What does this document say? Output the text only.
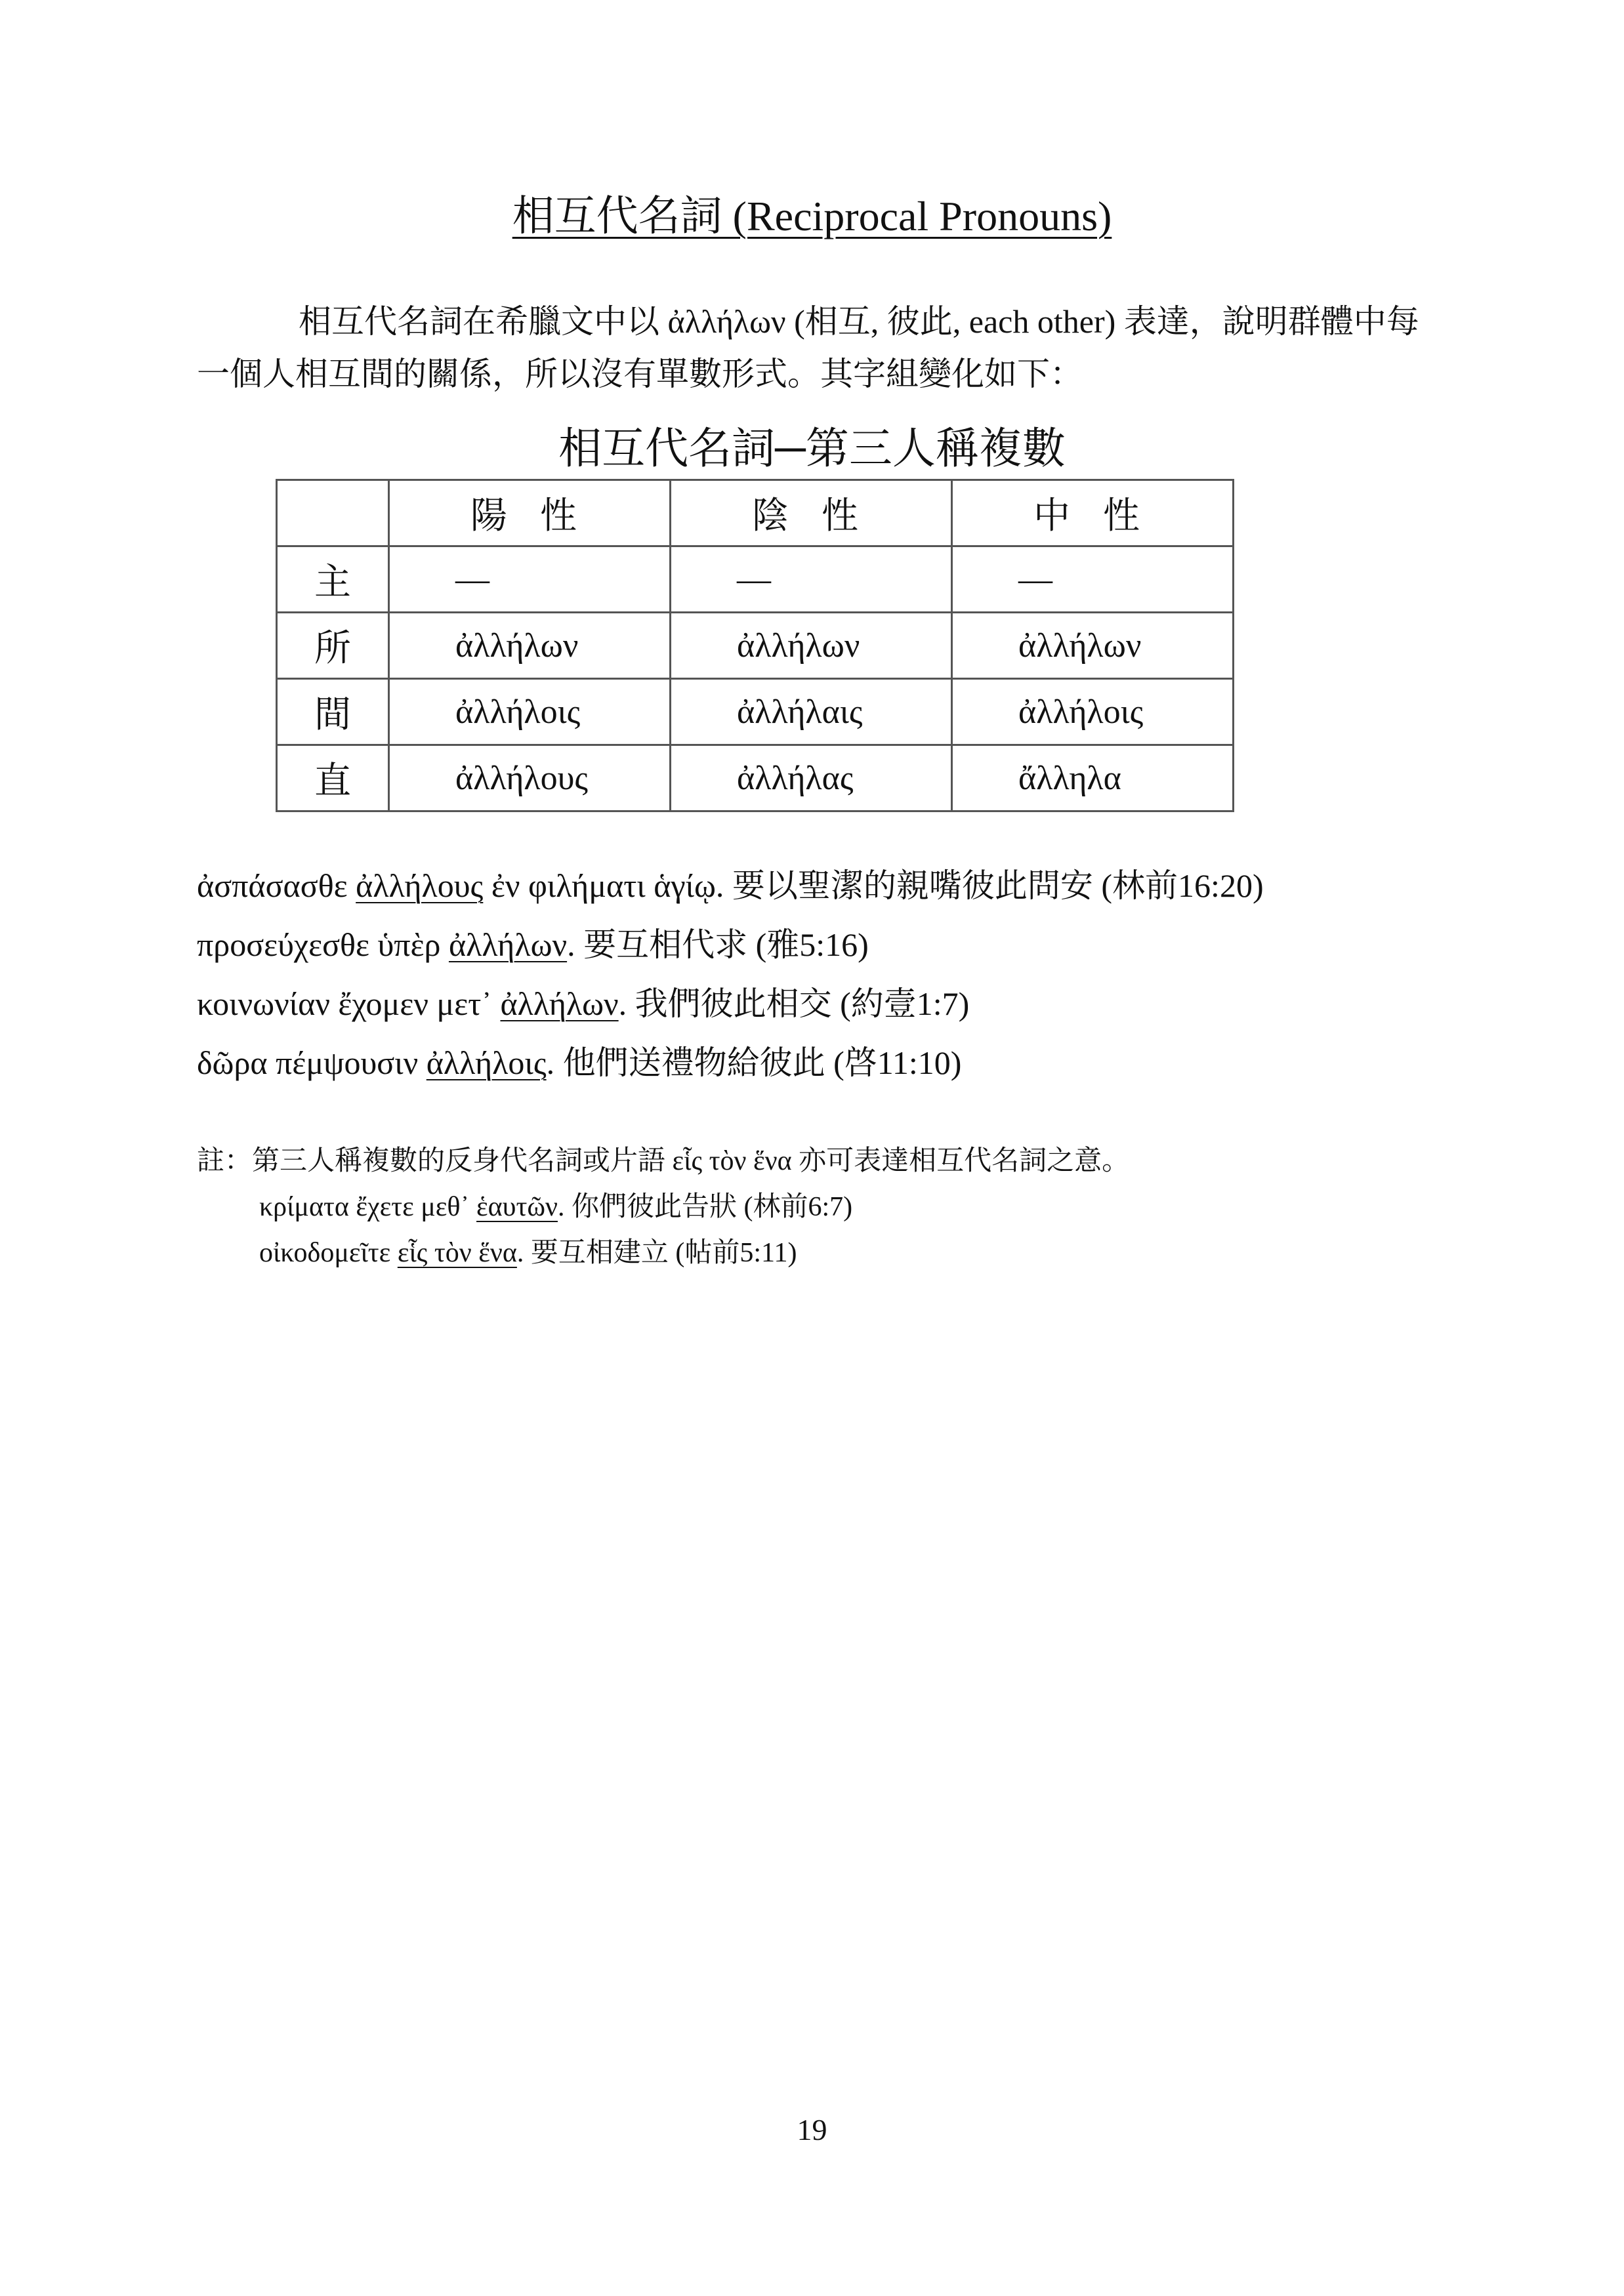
相互代名詞 (Reciprocal Pronouns)
相互代名詞在希臘文中以 ἀλλήλων (相互, 彼此, each other) 表達，說明群體中每一個人相互間的關係，所以沒有單數形式。其字組變化如下：
相互代名詞─第三人稱複數
	陽 性	陰 性	中 性
主	—	—	—
所	ἀλλήλων	ἀλλήλων	ἀλλήλων
間	ἀλλήλοις	ἀλλήλαις	ἀλλήλοις
直	ἀλλήλους	ἀλλήλας	ἄλληλα
ἀσπάσασθε ἀλλήλους ἐν φιλήματι ἁγίῳ. 要以聖潔的親嘴彼此問安 (林前16:20)
προσεύχεσθε ὑπὲρ ἀλλήλων. 要互相代求 (雅5:16)
κοινωνίαν ἔχομεν μετ᾽ ἀλλήλων. 我們彼此相交 (約壹1:7)
δῶρα πέμψουσιν ἀλλήλοις. 他們送禮物給彼此 (啓11:10)
註：第三人稱複數的反身代名詞或片語 εἷς τὸν ἕνα 亦可表達相互代名詞之意。
κρίματα ἔχετε μεθ᾽ ἑαυτῶν. 你們彼此告狀 (林前6:7)
οἰκοδομεῖτε εἷς τὸν ἕνα. 要互相建立 (帖前5:11)
19
